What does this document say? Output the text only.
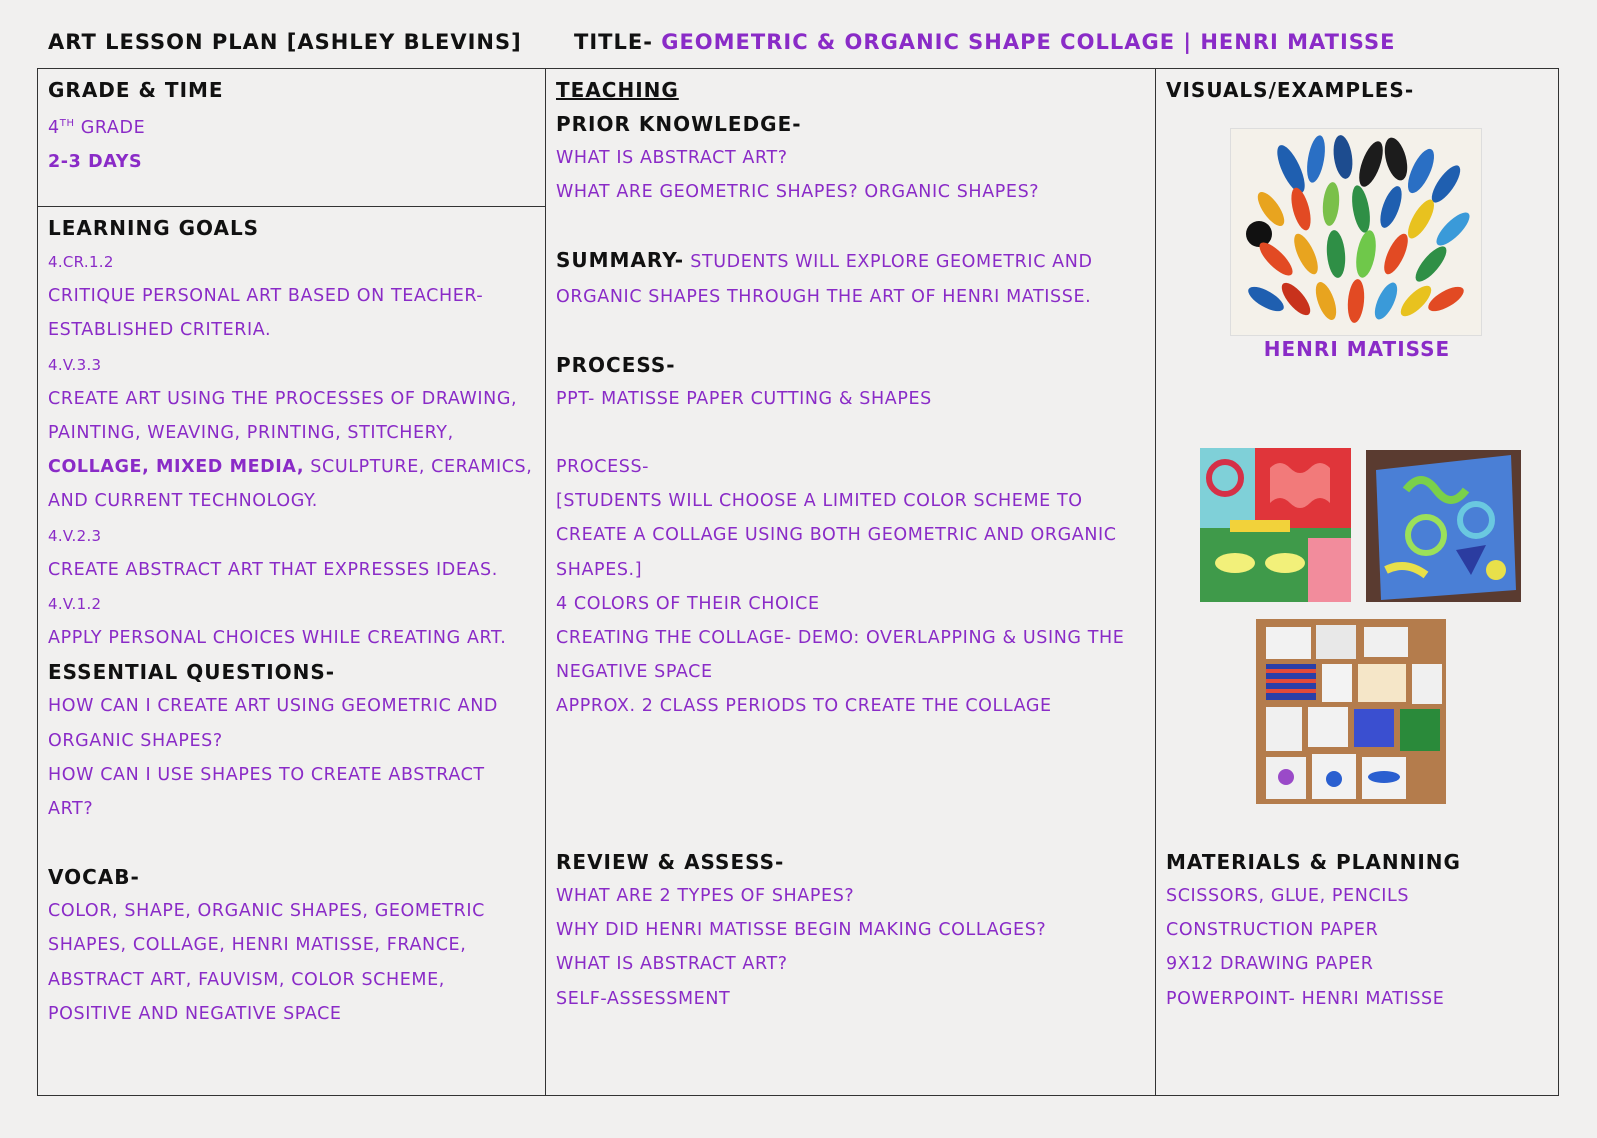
ART LESSON PLAN [ASHLEY BLEVINS] TITLE- GEOMETRIC & ORGANIC SHAPE COLLAGE | HENRI MATISSE
GRADE & TIME
4TH GRADE
2-3 DAYS
LEARNING GOALS
4.CR.1.2
CRITIQUE PERSONAL ART BASED ON TEACHER-ESTABLISHED CRITERIA.
4.V.3.3
CREATE ART USING THE PROCESSES OF DRAWING, PAINTING, WEAVING, PRINTING, STITCHERY, COLLAGE, MIXED MEDIA, SCULPTURE, CERAMICS, AND CURRENT TECHNOLOGY.
4.V.2.3
CREATE ABSTRACT ART THAT EXPRESSES IDEAS.
4.V.1.2
APPLY PERSONAL CHOICES WHILE CREATING ART.
ESSENTIAL QUESTIONS-
HOW CAN I CREATE ART USING GEOMETRIC AND ORGANIC SHAPES?
HOW CAN I USE SHAPES TO CREATE ABSTRACT ART?
VOCAB-
COLOR, SHAPE, ORGANIC SHAPES, GEOMETRIC SHAPES, COLLAGE, HENRI MATISSE, FRANCE, ABSTRACT ART, FAUVISM, COLOR SCHEME, POSITIVE AND NEGATIVE SPACE
TEACHING
PRIOR KNOWLEDGE-
WHAT IS ABSTRACT ART?
WHAT ARE GEOMETRIC SHAPES? ORGANIC SHAPES?
SUMMARY- STUDENTS WILL EXPLORE GEOMETRIC AND ORGANIC SHAPES THROUGH THE ART OF HENRI MATISSE.
PROCESS-
PPT- MATISSE PAPER CUTTING & SHAPES
PROCESS-
[STUDENTS WILL CHOOSE A LIMITED COLOR SCHEME TO CREATE A COLLAGE USING BOTH GEOMETRIC AND ORGANIC SHAPES.]
4 COLORS OF THEIR CHOICE
CREATING THE COLLAGE- DEMO: OVERLAPPING & USING THE NEGATIVE SPACE
APPROX. 2 CLASS PERIODS TO CREATE THE COLLAGE
REVIEW & ASSESS-
WHAT ARE 2 TYPES OF SHAPES?
WHY DID HENRI MATISSE BEGIN MAKING COLLAGES?
WHAT IS ABSTRACT ART?
SELF-ASSESSMENT
VISUALS/EXAMPLES-
HENRI MATISSE
MATERIALS & PLANNING
SCISSORS, GLUE, PENCILS
CONSTRUCTION PAPER
9X12 DRAWING PAPER
POWERPOINT- HENRI MATISSE
